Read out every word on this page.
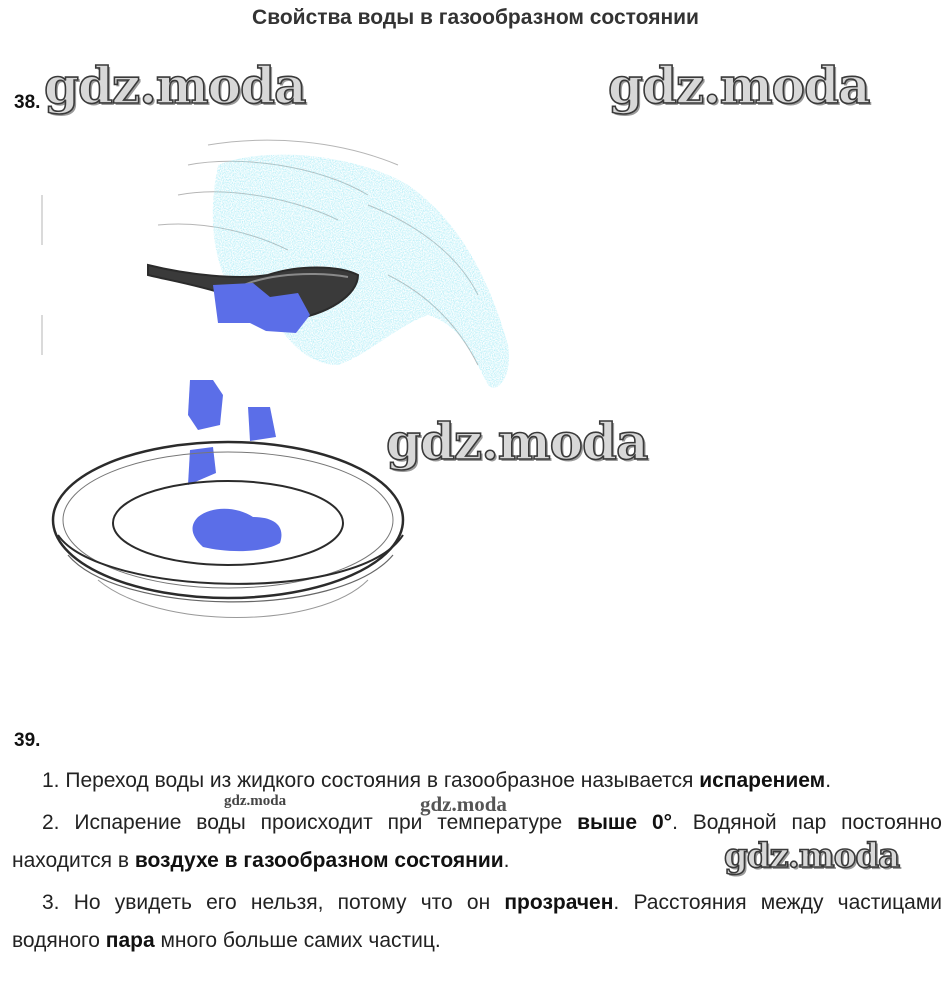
Свойства воды в газообразном состоянии
38. gdz.moda	gdz.moda
gdz.moda
39.

1. Переход воды из жидкого состояния в газообразное называется испарением.

2. Испарение воды происходит при температуре выше 0°. Водяной пар постоянно находится в воздухе в газообразном состоянии.

3. Но увидеть его нельзя, потому что он прозрачен. Расстояния между частицами водяного пара много больше самих частиц.

gdz.moda	gdz.moda
gdz.moda
